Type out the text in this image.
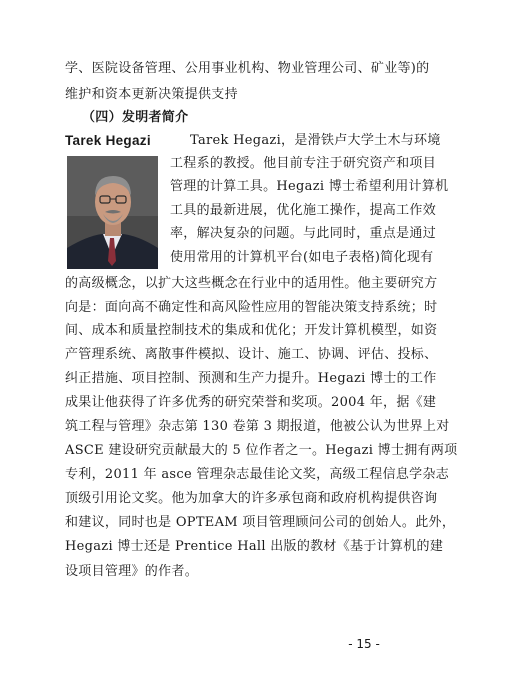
学、医院设备管理、公用事业机构、物业管理公司、矿业等)的
维护和资本更新决策提供支持
（四）发明者简介
Tarek Hegazi	Tarek Hegazi，是滑铁卢大学土木与环境
工程系的教授。他目前专注于研究资产和项目
管理的计算工具。Hegazi 博士希望利用计算机
工具的最新进展，优化施工操作，提高工作效
率，解决复杂的问题。与此同时，重点是通过
使用常用的计算机平台(如电子表格)简化现有
的高级概念，以扩大这些概念在行业中的适用性。他主要研究方
向是：面向高不确定性和高风险性应用的智能决策支持系统；时
间、成本和质量控制技术的集成和优化；开发计算机模型，如资
产管理系统、离散事件模拟、设计、施工、协调、评估、投标、
纠正措施、项目控制、预测和生产力提升。Hegazi 博士的工作
成果让他获得了许多优秀的研究荣誉和奖项。2004 年，据《建
筑工程与管理》杂志第 130 卷第 3 期报道，他被公认为世界上对
ASCE 建设研究贡献最大的 5 位作者之一。Hegazi 博士拥有两项
专利，2011 年 asce 管理杂志最佳论文奖，高级工程信息学杂志
顶级引用论文奖。他为加拿大的许多承包商和政府机构提供咨询
和建议，同时也是 OPTEAM 项目管理顾问公司的创始人。此外，
Hegazi 博士还是 Prentice Hall 出版的教材《基于计算机的建
设项目管理》的作者。
- 15 -
